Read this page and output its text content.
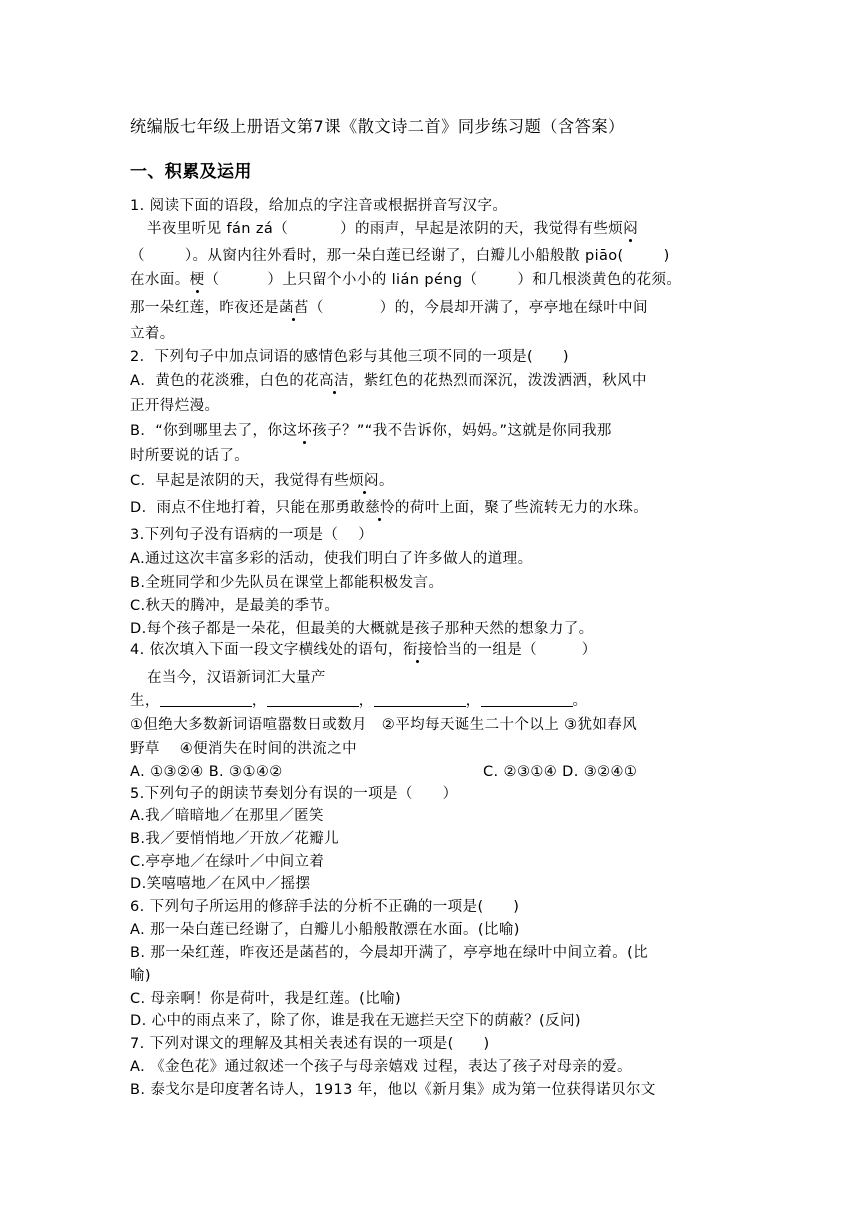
统编版七年级上册语文第7课《散文诗二首》同步练习题（含答案）
一、积累及运用
1. 阅读下面的语段，给加点的字注音或根据拼音写汉字。
半夜里听见 fán zá（	）的雨声，早起是浓阴的天，我觉得有些烦闷
（	）。从窗内往外看时，那一朵白莲已经谢了，白瓣儿小船般散 piāo(	)
在水面。梗（	）上只留个小小的 lián péng（	）和几根淡黄色的花须。
那一朵红莲，昨夜还是菡萏（	）的，今晨却开满了，亭亭地在绿叶中间
立着。
2．下列句子中加点词语的感情色彩与其他三项不同的一项是(　　)
A．黄色的花淡雅，白色的花高洁，紫红色的花热烈而深沉，泼泼洒洒，秋风中
正开得烂漫。
B．“你到哪里去了，你这坏孩子？”“我不告诉你，妈妈。”这就是你同我那
时所要说的话了。
C．早起是浓阴的天，我觉得有些烦闷。
D．雨点不住地打着，只能在那勇敢慈怜的荷叶上面，聚了些流转无力的水珠。
3.下列句子没有语病的一项是（　 ）
A.通过这次丰富多彩的活动，使我们明白了许多做人的道理。
B.全班同学和少先队员在课堂上都能积极发言。
C.秋天的腾冲，是最美的季节。
D.每个孩子都是一朵花，但最美的大概就是孩子那种天然的想象力了。
4. 依次填入下面一段文字横线处的语句，衔接恰当的一组是（　　　）
在当今，汉语新词汇大量产
生，	，	，	，	。
①但绝大多数新词语喧嚣数日或数月　②平均每天诞生二十个以上 ③犹如春风
野草　 ④便消失在时间的洪流之中
A. ①③②④ B. ③①④②	C. ②③①④ D. ③②④①
5.下列句子的朗读节奏划分有误的一项是（　　）
A.我／暗暗地／在那里／匿笑
B.我／要悄悄地／开放／花瓣儿
C.亭亭地／在绿叶／中间立着
D.笑嘻嘻地／在风中／摇摆
6. 下列句子所运用的修辞手法的分析不正确的一项是(　　)
A. 那一朵白莲已经谢了，白瓣儿小船般散漂在水面。(比喻)
B. 那一朵红莲，昨夜还是菡萏的，今晨却开满了，亭亭地在绿叶中间立着。(比
喻)
C. 母亲啊！你是荷叶，我是红莲。(比喻)
D. 心中的雨点来了，除了你，谁是我在无遮拦天空下的荫蔽？(反问)
7. 下列对课文的理解及其相关表述有误的一项是(　　)
A. 《金色花》通过叙述一个孩子与母亲嬉戏 过程，表达了孩子对母亲的爱。
B. 泰戈尔是印度著名诗人，1913 年，他以《新月集》成为第一位获得诺贝尔文
